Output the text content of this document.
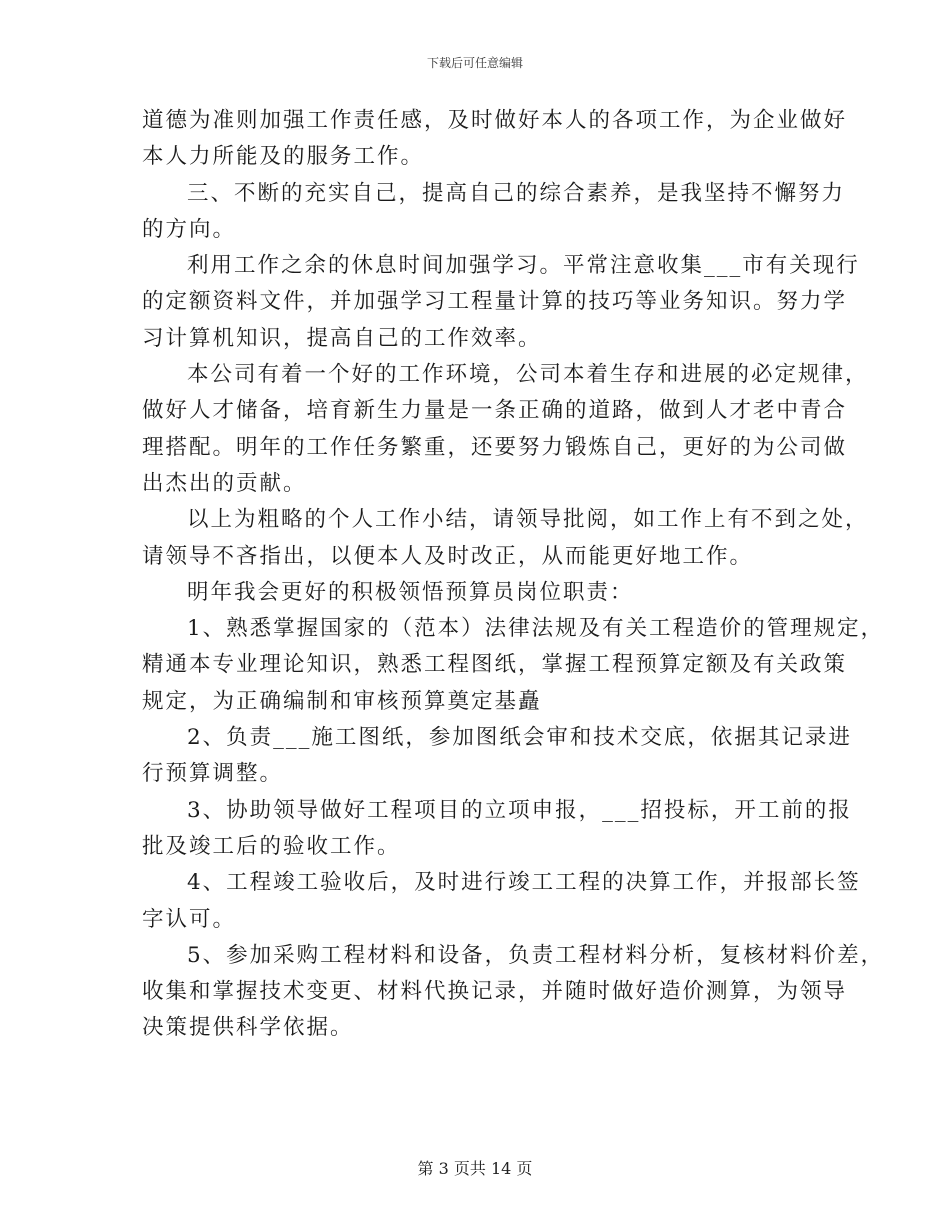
下载后可任意编辑
道德为准则加强工作责任感，及时做好本人的各项工作，为企业做好
本人力所能及的服务工作。
三、不断的充实自己，提高自己的综合素养，是我坚持不懈努力
的方向。
利用工作之余的休息时间加强学习。平常注意收集___市有关现行
的定额资料文件，并加强学习工程量计算的技巧等业务知识。努力学
习计算机知识，提高自己的工作效率。
本公司有着一个好的工作环境，公司本着生存和进展的必定规律，
做好人才储备，培育新生力量是一条正确的道路，做到人才老中青合
理搭配。明年的工作任务繁重，还要努力锻炼自己，更好的为公司做
出杰出的贡献。
以上为粗略的个人工作小结，请领导批阅，如工作上有不到之处，
请领导不吝指出，以便本人及时改正，从而能更好地工作。
明年我会更好的积极领悟预算员岗位职责：
1、熟悉掌握国家的（范本）法律法规及有关工程造价的管理规定，
精通本专业理论知识，熟悉工程图纸，掌握工程预算定额及有关政策
规定，为正确编制和审核预算奠定基矗
2、负责___施工图纸，参加图纸会审和技术交底，依据其记录进
行预算调整。
3、协助领导做好工程项目的立项申报，___招投标，开工前的报
批及竣工后的验收工作。
4、工程竣工验收后，及时进行竣工工程的决算工作，并报部长签
字认可。
5、参加采购工程材料和设备，负责工程材料分析，复核材料价差，
收集和掌握技术变更、材料代换记录，并随时做好造价测算，为领导
决策提供科学依据。
第 3 页共 14 页
